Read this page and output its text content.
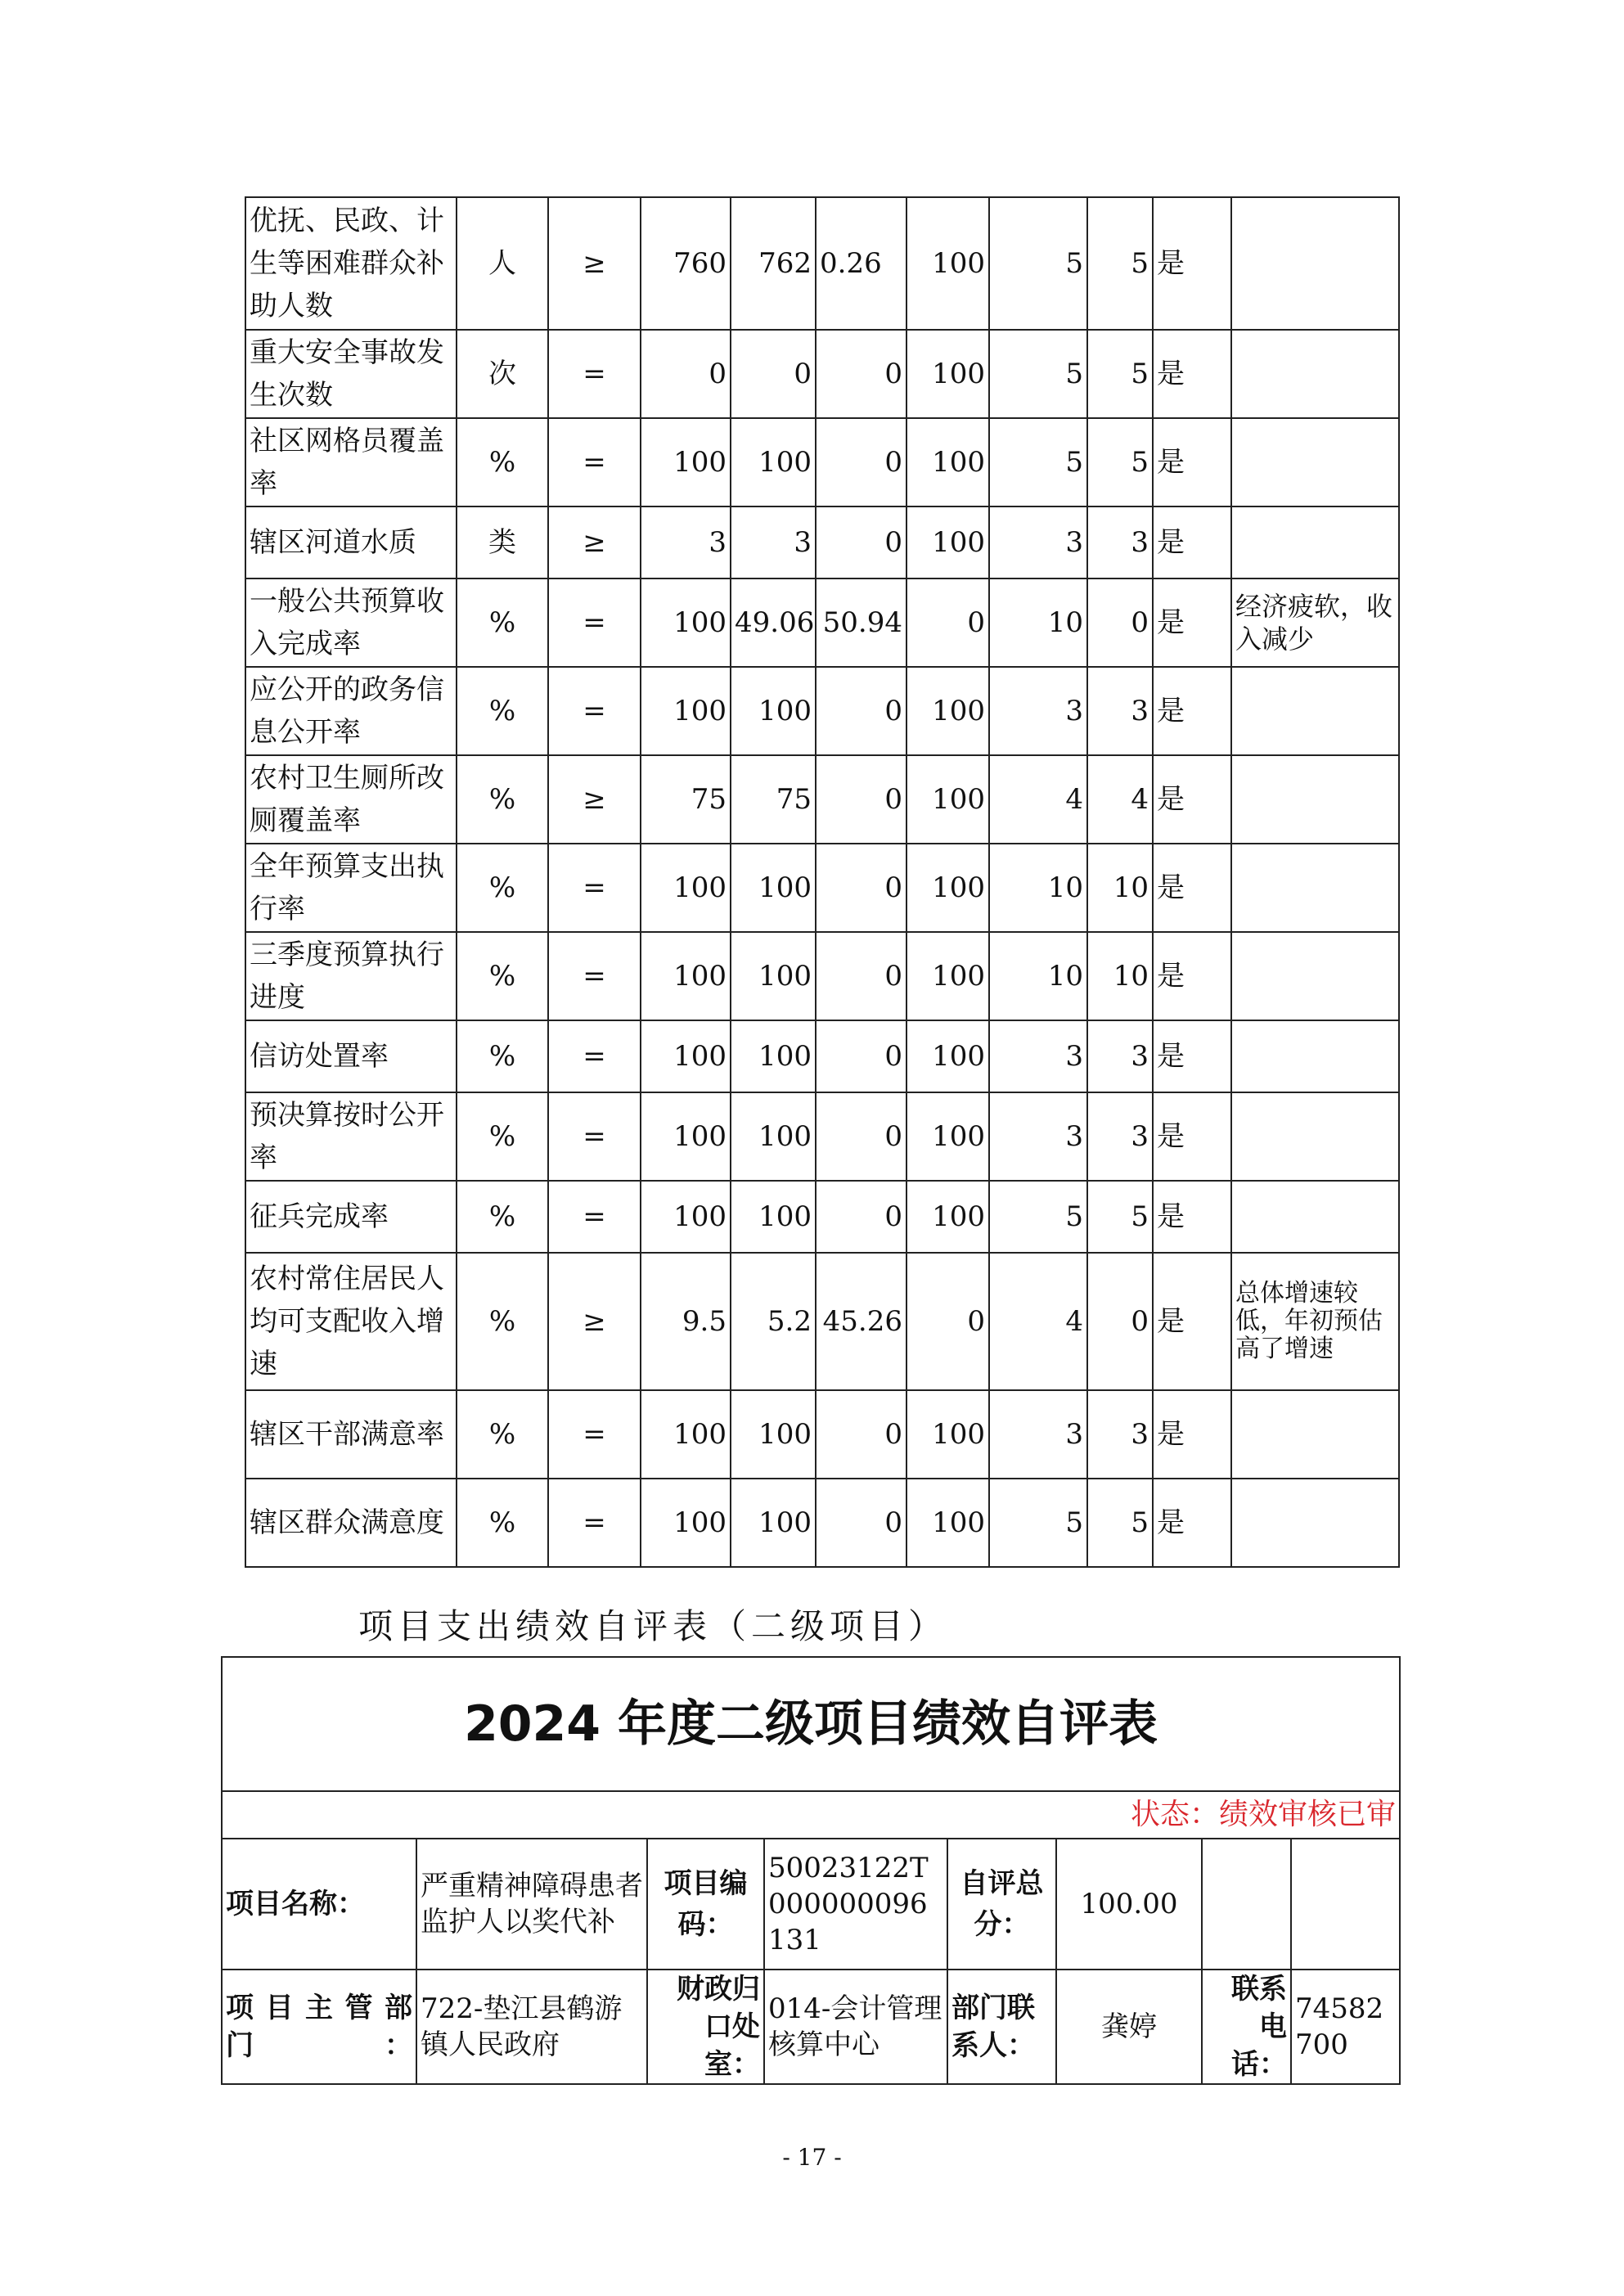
优抚、民政、计生等困难群众补助人数	人	≥	760	762	0.26	100	5	5	是	
重大安全事故发生次数	次	=	0	0	0	100	5	5	是	
社区网格员覆盖率	%	=	100	100	0	100	5	5	是	
辖区河道水质	类	≥	3	3	0	100	3	3	是	
一般公共预算收入完成率	%	=	100	49.06	50.94	0	10	0	是	经济疲软，收入减少
应公开的政务信息公开率	%	=	100	100	0	100	3	3	是	
农村卫生厕所改厕覆盖率	%	≥	75	75	0	100	4	4	是	
全年预算支出执行率	%	=	100	100	0	100	10	10	是	
三季度预算执行进度	%	=	100	100	0	100	10	10	是	
信访处置率	%	=	100	100	0	100	3	3	是	
预决算按时公开率	%	=	100	100	0	100	3	3	是	
征兵完成率	%	=	100	100	0	100	5	5	是	
农村常住居民人均可支配收入增速	%	≥	9.5	5.2	45.26	0	4	0	是	总体增速较低，年初预估高了增速
辖区干部满意率	%	=	100	100	0	100	3	3	是	
辖区群众满意度	%	=	100	100	0	100	5	5	是	
项目支出绩效自评表（二级项目）
2024 年度二级项目绩效自评表							
状态：绩效审核已审							
项目名称：	严重精神障碍患者监护人以奖代补	项目编码：	50023122T000000096131	自评总分：	100.00		
项目主管部门：	722-垫江县鹤游镇人民政府	财政归口处室：	014-会计管理核算中心	部门联系人：	龚婷	联系电话：	74582700
- 17 -
